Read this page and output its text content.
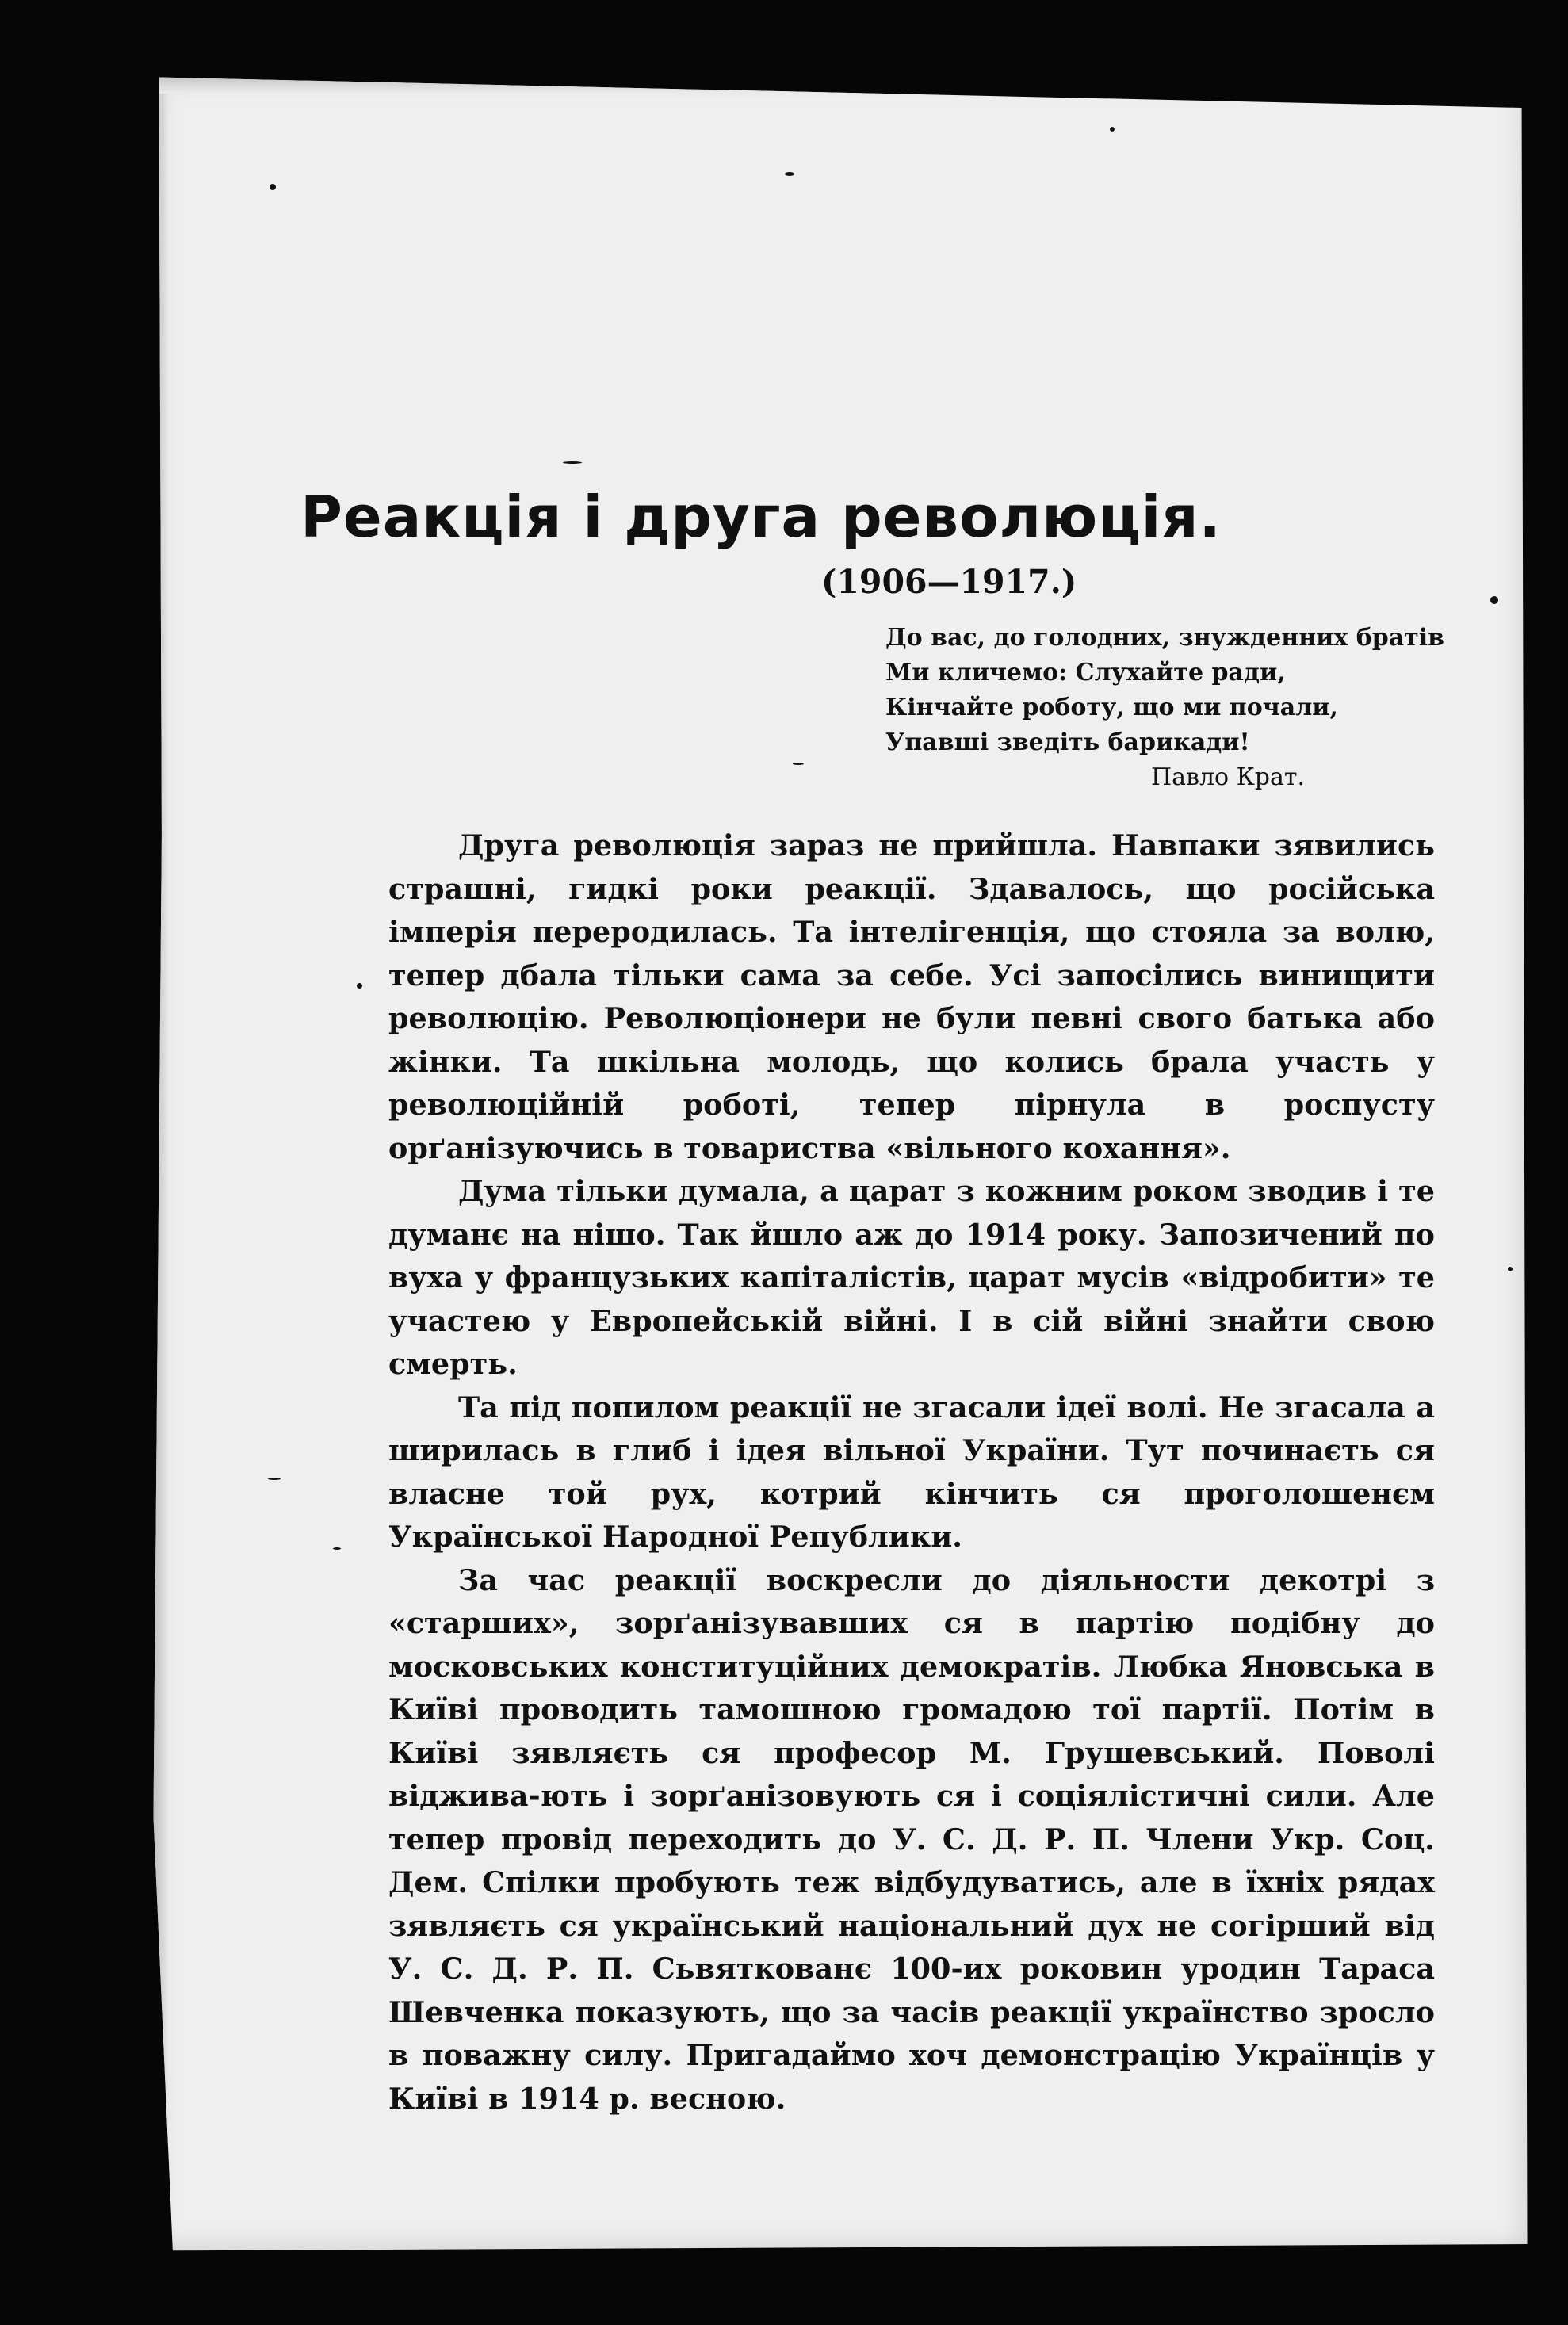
Реакція і друга революція.
(1906—1917.)
До вас, до голодних, знужденних братів
Ми кличемо: Слухайте ради,
Кінчайте роботу, що ми почали,
Упавші зведіть барикади!
Павло Крат.

Друга революція зараз не прийшла. Навпаки зявились страшні, гидкі роки реакції. Здавалось, що російська імперія переродилась. Та інтелігенція, що стояла за волю, тепер дбала тільки сама за себе. Усі запосілись винищити революцію. Революціонери не були певні свого батька або жінки. Та шкільна молодь, що колись брала участь у революційній роботі, тепер пірнула в роспусту орґанізуючись в товариства «вільного кохання».

Дума тільки думала, а царат з кожним роком зводив і те думанє на нішо. Так йшло аж до 1914 року. Запозичений по вуха у французьких капіталістів, царат мусів «відробити» те участею у Европейській війні. І в сій війні знайти свою смерть.

Та під попилом реакції не згасали ідеї волі. Не згасала а ширилась в глиб і ідея вільної України. Тут починаєть ся власне той рух, котрий кінчить ся проголошенєм Української Народної Републики.

За час реакції воскресли до діяльности декотрі з «старших», зорґанізувавших ся в партію подібну до московських конституційних демократів. Любка Яновська в Київі проводить тамошною громадою тої партії. Потім в Київі зявляєть ся професор М. Грушевський. Поволі віджива-ють і зорґанізовують ся і соціялістичні сили. Але тепер провід переходить до У. С. Д. Р. П. Члени Укр. Соц. Дем. Спілки пробують теж відбудуватись, але в їхніх рядах зявляєть ся український національний дух не согірший від У. С. Д. Р. П. Сьвяткованє 100-их роковин уродин Тараса Шевченка показують, що за часів реакції українство зросло в поважну силу. Пригадаймо хоч демонстрацію Українців у Київі в 1914 р. весною.
